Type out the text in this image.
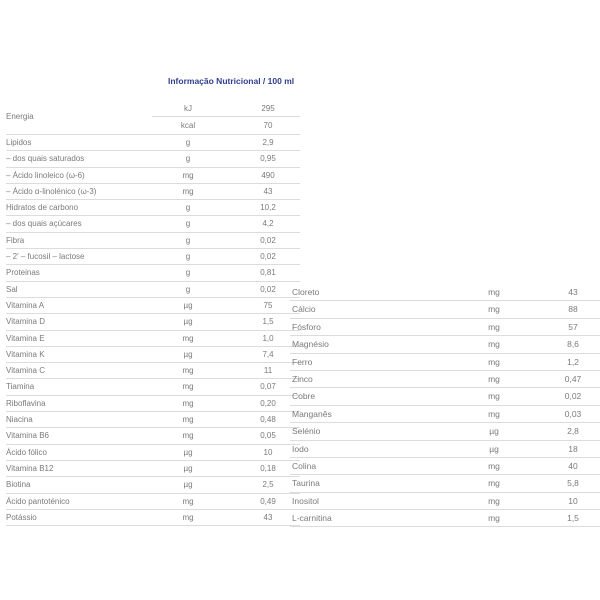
Informação Nutricional / 100 ml
Energia
kJ	295
kcal	70
Lipidos	g	2,9
– dos quais saturados	g	0,95
– Ácido linoleico (ω-6)	mg	490
– Ácido α-linolénico (ω-3)	mg	43
Hidratos de carbono	g	10,2
– dos quais açúcares	g	4,2
Fibra	g	0,02
– 2' – fucosil – lactose	g	0,02
Proteinas	g	0,81
Sal	g	0,02
Vitamina A	µg	75
Vitamina D	µg	1,5
Vitamina E	mg	1,0
Vitamina K	µg	7,4
Vitamina C	mg	11
Tiamina	mg	0,07
Riboflavina	mg	0,20
Niacina	mg	0,48
Vitamina B6	mg	0,05
Ácido fólico	µg	10
Vitamina B12	µg	0,18
Biotina	µg	2,5
Ácido pantoténico	mg	0,49
Potássio	mg	43
Cloreto	mg	43
Cálcio	mg	88
Fósforo	mg	57
Magnésio	mg	8,6
Ferro	mg	1,2
Zinco	mg	0,47
Cobre	mg	0,02
Manganês	mg	0,03
Selénio	µg	2,8
Iodo	µg	18
Colina	mg	40
Taurina	mg	5,8
Inositol	mg	10
L-carnitina	mg	1,5
